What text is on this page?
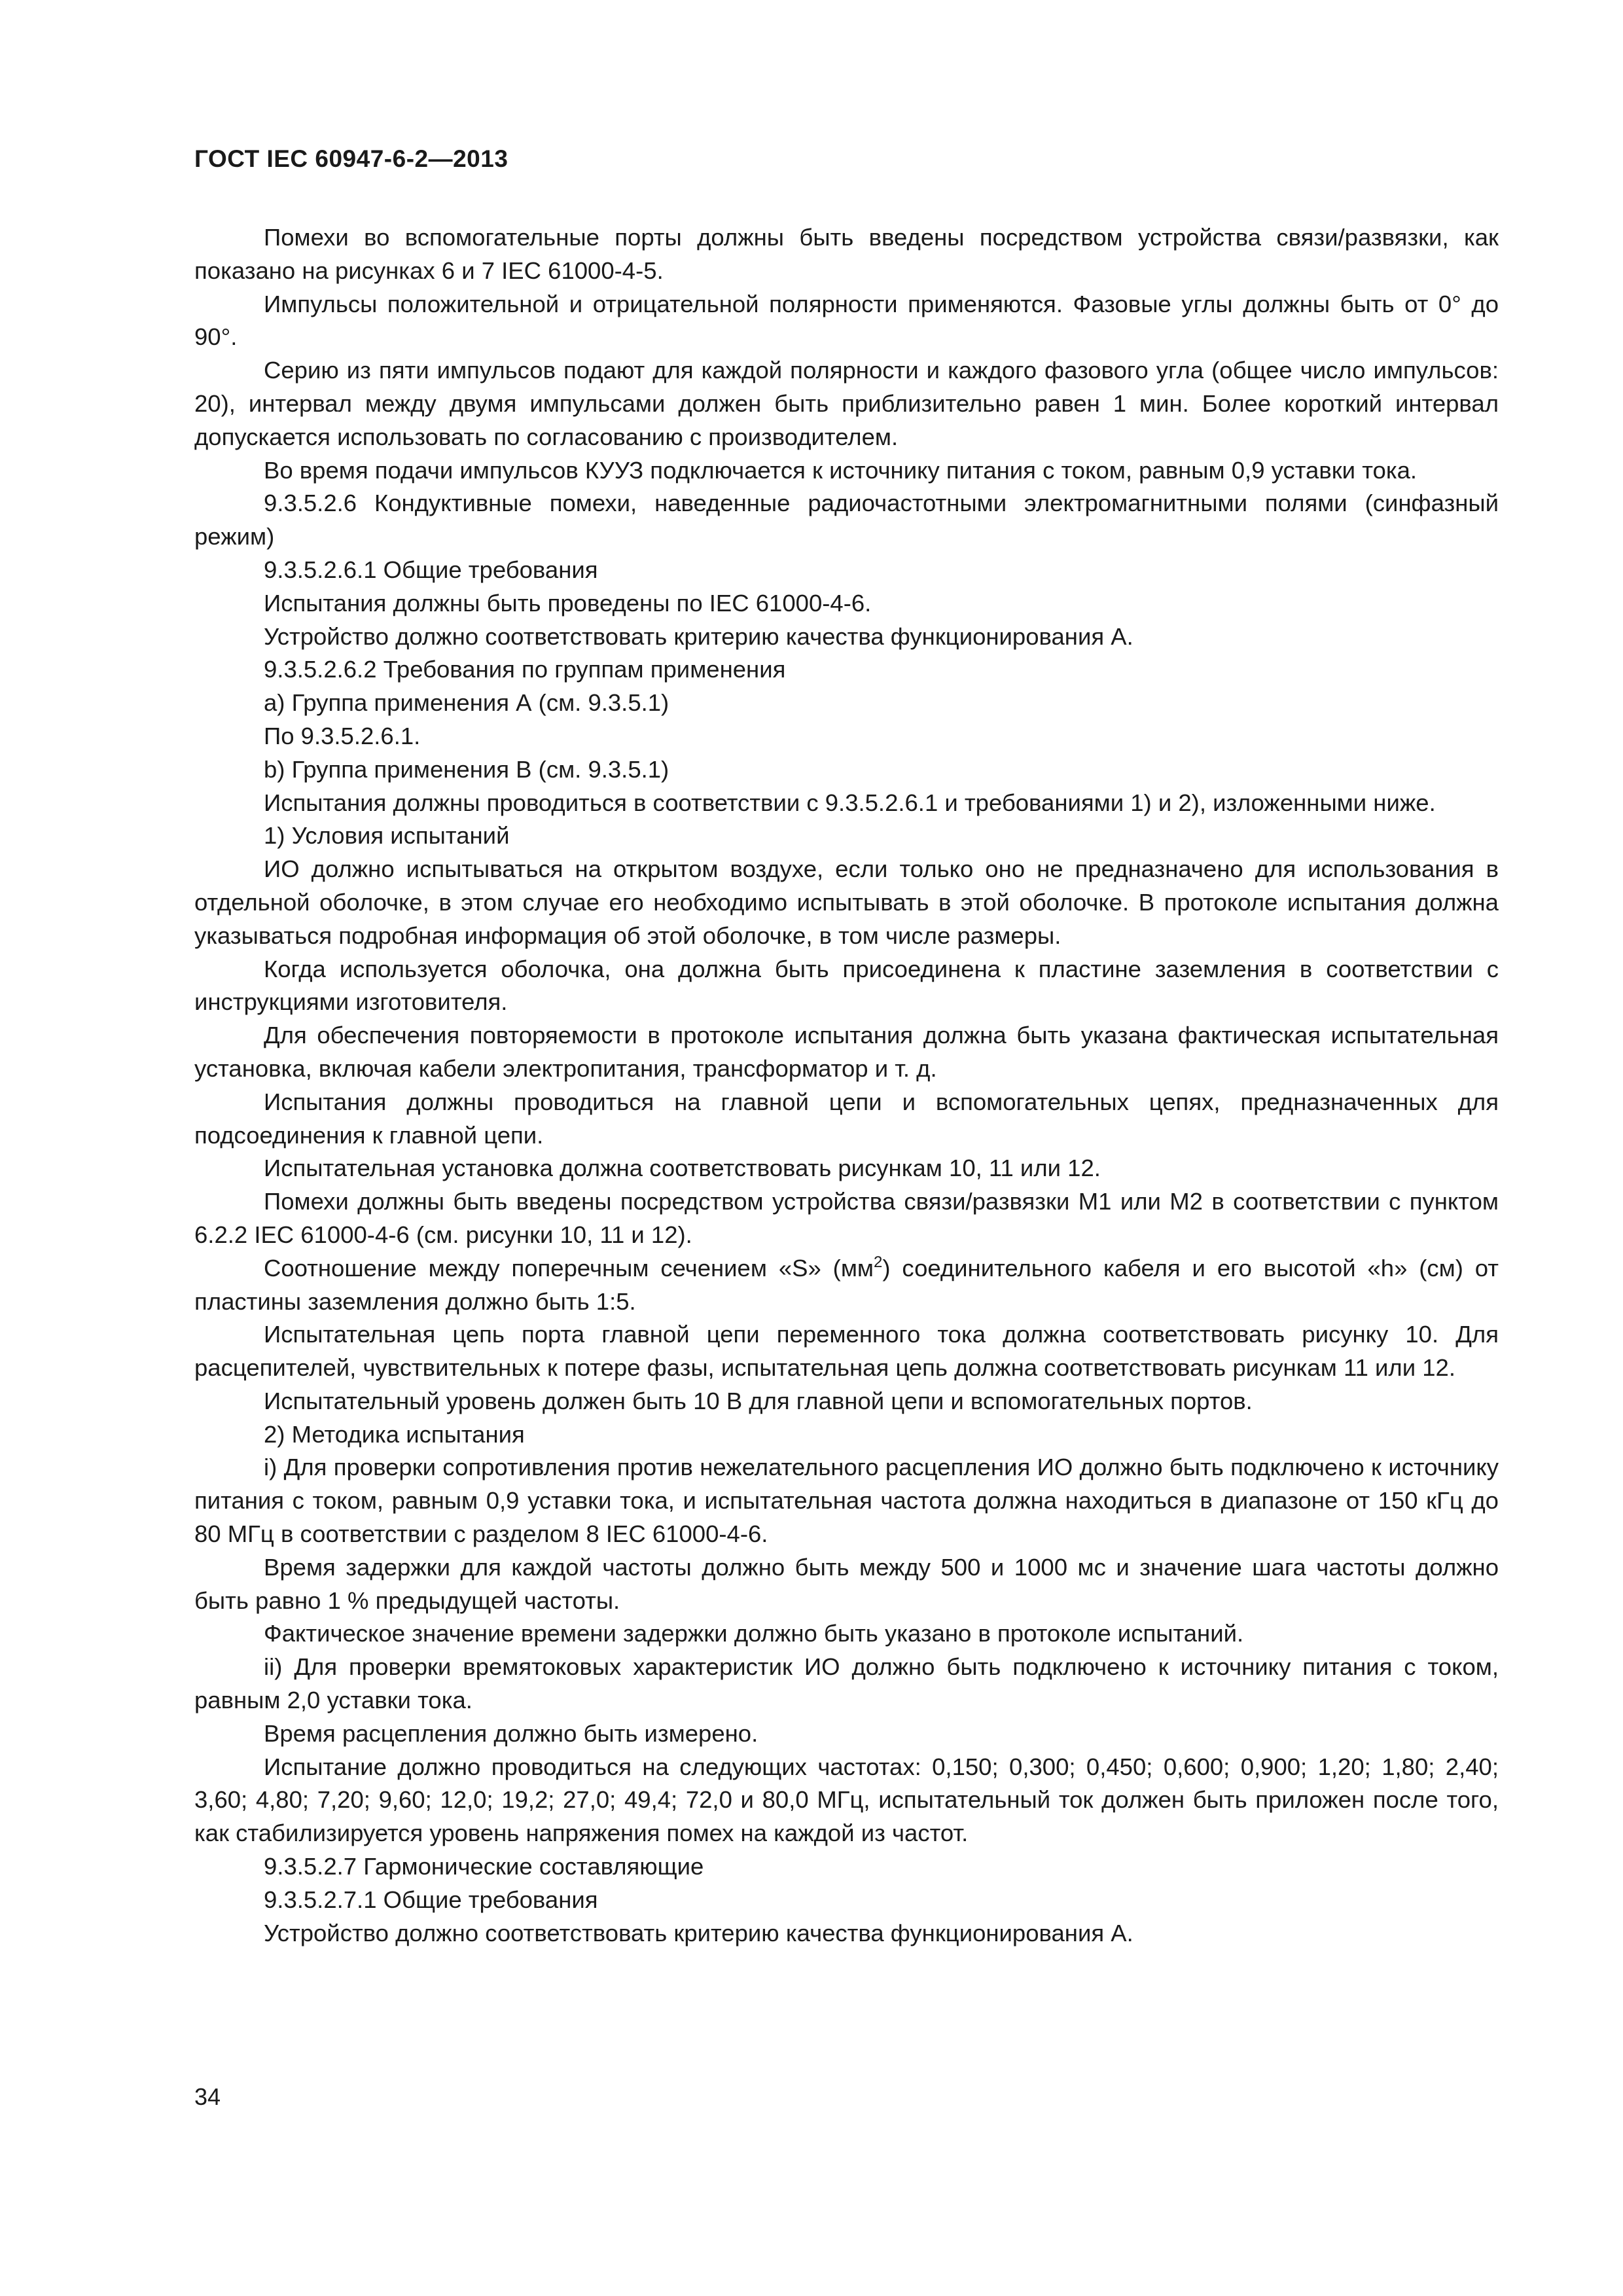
ГОСТ IEC 60947-6-2—2013

Помехи во вспомогательные порты должны быть введены посредством устройства связи/развязки, как показано на рисунках 6 и 7 IEC 61000-4-5.

Импульсы положительной и отрицательной полярности применяются. Фазовые углы должны быть от 0° до 90°.

Серию из пяти импульсов подают для каждой полярности и каждого фазового угла (общее число импульсов: 20), интервал между двумя импульсами должен быть приблизительно равен 1 мин. Более короткий интервал допускается использовать по согласованию с производителем.

Во время подачи импульсов КУУЗ подключается к источнику питания с током, равным 0,9 уставки тока.

9.3.5.2.6 Кондуктивные помехи, наведенные радиочастотными электромагнитными полями (синфазный режим)

9.3.5.2.6.1 Общие требования

Испытания должны быть проведены по IEC 61000-4-6.

Устройство должно соответствовать критерию качества функционирования А.

9.3.5.2.6.2 Требования по группам применения

a) Группа применения А (см. 9.3.5.1)

По 9.3.5.2.6.1.

b) Группа применения В (см. 9.3.5.1)

Испытания должны проводиться в соответствии с 9.3.5.2.6.1 и требованиями 1) и 2), изложенными ниже.

1) Условия испытаний

ИО должно испытываться на открытом воздухе, если только оно не предназначено для использования в отдельной оболочке, в этом случае его необходимо испытывать в этой оболочке. В протоколе испытания должна указываться подробная информация об этой оболочке, в том числе размеры.

Когда используется оболочка, она должна быть присоединена к пластине заземления в соответствии с инструкциями изготовителя.

Для обеспечения повторяемости в протоколе испытания должна быть указана фактическая испытательная установка, включая кабели электропитания, трансформатор и т. д.

Испытания должны проводиться на главной цепи и вспомогательных цепях, предназначенных для подсоединения к главной цепи.

Испытательная установка должна соответствовать рисункам 10, 11 или 12.

Помехи должны быть введены посредством устройства связи/развязки M1 или M2 в соответствии с пунктом 6.2.2 IEC 61000-4-6 (см. рисунки 10, 11 и 12).

Соотношение между поперечным сечением «S» $(мм^2)$ соединительного кабеля и его высотой «h» (см) от пластины заземления должно быть 1:5.

Испытательная цепь порта главной цепи переменного тока должна соответствовать рисунку 10. Для расцепителей, чувствительных к потере фазы, испытательная цепь должна соответствовать рисункам 11 или 12.

Испытательный уровень должен быть 10 В для главной цепи и вспомогательных портов.

2) Методика испытания

i) Для проверки сопротивления против нежелательного расцепления ИО должно быть подключено к источнику питания с током, равным 0,9 уставки тока, и испытательная частота должна находиться в диапазоне от 150 кГц до 80 МГц в соответствии с разделом 8 IEC 61000-4-6.

Время задержки для каждой частоты должно быть между 500 и 1000 мс и значение шага частоты должно быть равно 1 % предыдущей частоты.

Фактическое значение времени задержки должно быть указано в протоколе испытаний.

ii) Для проверки времятоковых характеристик ИО должно быть подключено к источнику питания с током, равным 2,0 уставки тока.

Время расцепления должно быть измерено.

Испытание должно проводиться на следующих частотах: 0,150; 0,300; 0,450; 0,600; 0,900; 1,20; 1,80; 2,40; 3,60; 4,80; 7,20; 9,60; 12,0; 19,2; 27,0; 49,4; 72,0 и 80,0 МГц, испытательный ток должен быть приложен после того, как стабилизируется уровень напряжения помех на каждой из частот.

9.3.5.2.7 Гармонические составляющие

9.3.5.2.7.1 Общие требования

Устройство должно соответствовать критерию качества функционирования А.

34
